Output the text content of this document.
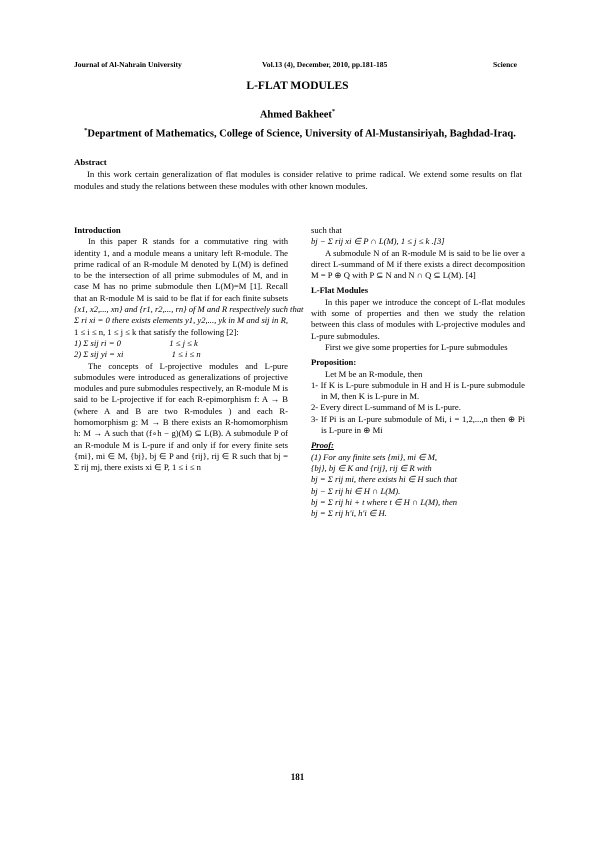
Journal of Al-Nahrain University	Vol.13 (4), December, 2010, pp.181-185	Science
L-FLAT MODULES
Ahmed Bakheet*
*Department of Mathematics, College of Science, University of Al-Mustansiriyah, Baghdad-Iraq.
Abstract

In this work certain generalization of flat modules is consider relative to prime radical. We extend some results on flat modules and study the relations between these modules with other known modules.

Introduction

In this paper R stands for a commutative ring with identity 1, and a module means a unitary left R-module. The prime radical of an R-module M denoted by L(M) is defined to be the intersection of all prime submodules of M, and in case M has no prime submodule then L(M)=M [1]. Recall that an R-module M is said to be flat if for each finite subsets {x1, x2,..., xn} and {r1, r2,..., rn} of M and R respectively such that Σ ri xi = 0 there exists elements y1, y2,..., yk in M and sij in R, 1 ≤ i ≤ n, 1 ≤ j ≤ k that satisfy the following [2]:

1) Σ sij ri = 0	1 ≤ j ≤ k

2) Σ sij yi = xi	1 ≤ i ≤ n

The concepts of L-projective modules and L-pure submodules were introduced as generalizations of projective modules and pure submodules respectively, an R-module M is said to be L-projective if for each R-epimorphism f: A → B (where A and B are two R-modules ) and each R-homomorphism g: M → B there exists an R-homomorphism h: M → A such that (f∘h − g)(M) ⊆ L(B). A submodule P of an R-module M is L-pure if and only if for every finite sets {mi}, mi ∈ M, {bj}, bj ∈ P and {rij}, rij ∈ R such that bj = Σ rij mj, there exists xi ∈ P, 1 ≤ i ≤ n

such that

bj − Σ rij xi ∈ P ∩ L(M), 1 ≤ j ≤ k .[3]

A submodule N of an R-module M is said to be lie over a direct L-summand of M if there exists a direct decomposition M = P ⊕ Q with P ⊆ N and N ∩ Q ⊆ L(M). [4]

L-Flat Modules

In this paper we introduce the concept of L-flat modules with some of properties and then we study the relation between this class of modules with L-projective modules and L-pure submodules.

First we give some properties for L-pure submodules

Proposition:

Let M be an R-module, then

1- If K is L-pure submodule in H and H is L-pure submodule in M, then K is L-pure in M.

2- Every direct L-summand of M is L-pure.

3- If Pi is an L-pure submodule of Mi, i = 1,2,...,n then ⊕ Pi is L-pure in ⊕ Mi

Proof:

(1) For any finite sets {mi}, mi ∈ M,

{bj}, bj ∈ K and {rij}, rij ∈ R with

bj = Σ rij mi, there exists hi ∈ H such that

bj − Σ rij hi ∈ H ∩ L(M).

bj = Σ rij hi + t where t ∈ H ∩ L(M), then

bj = Σ rij h′i, h′i ∈ H.

181
